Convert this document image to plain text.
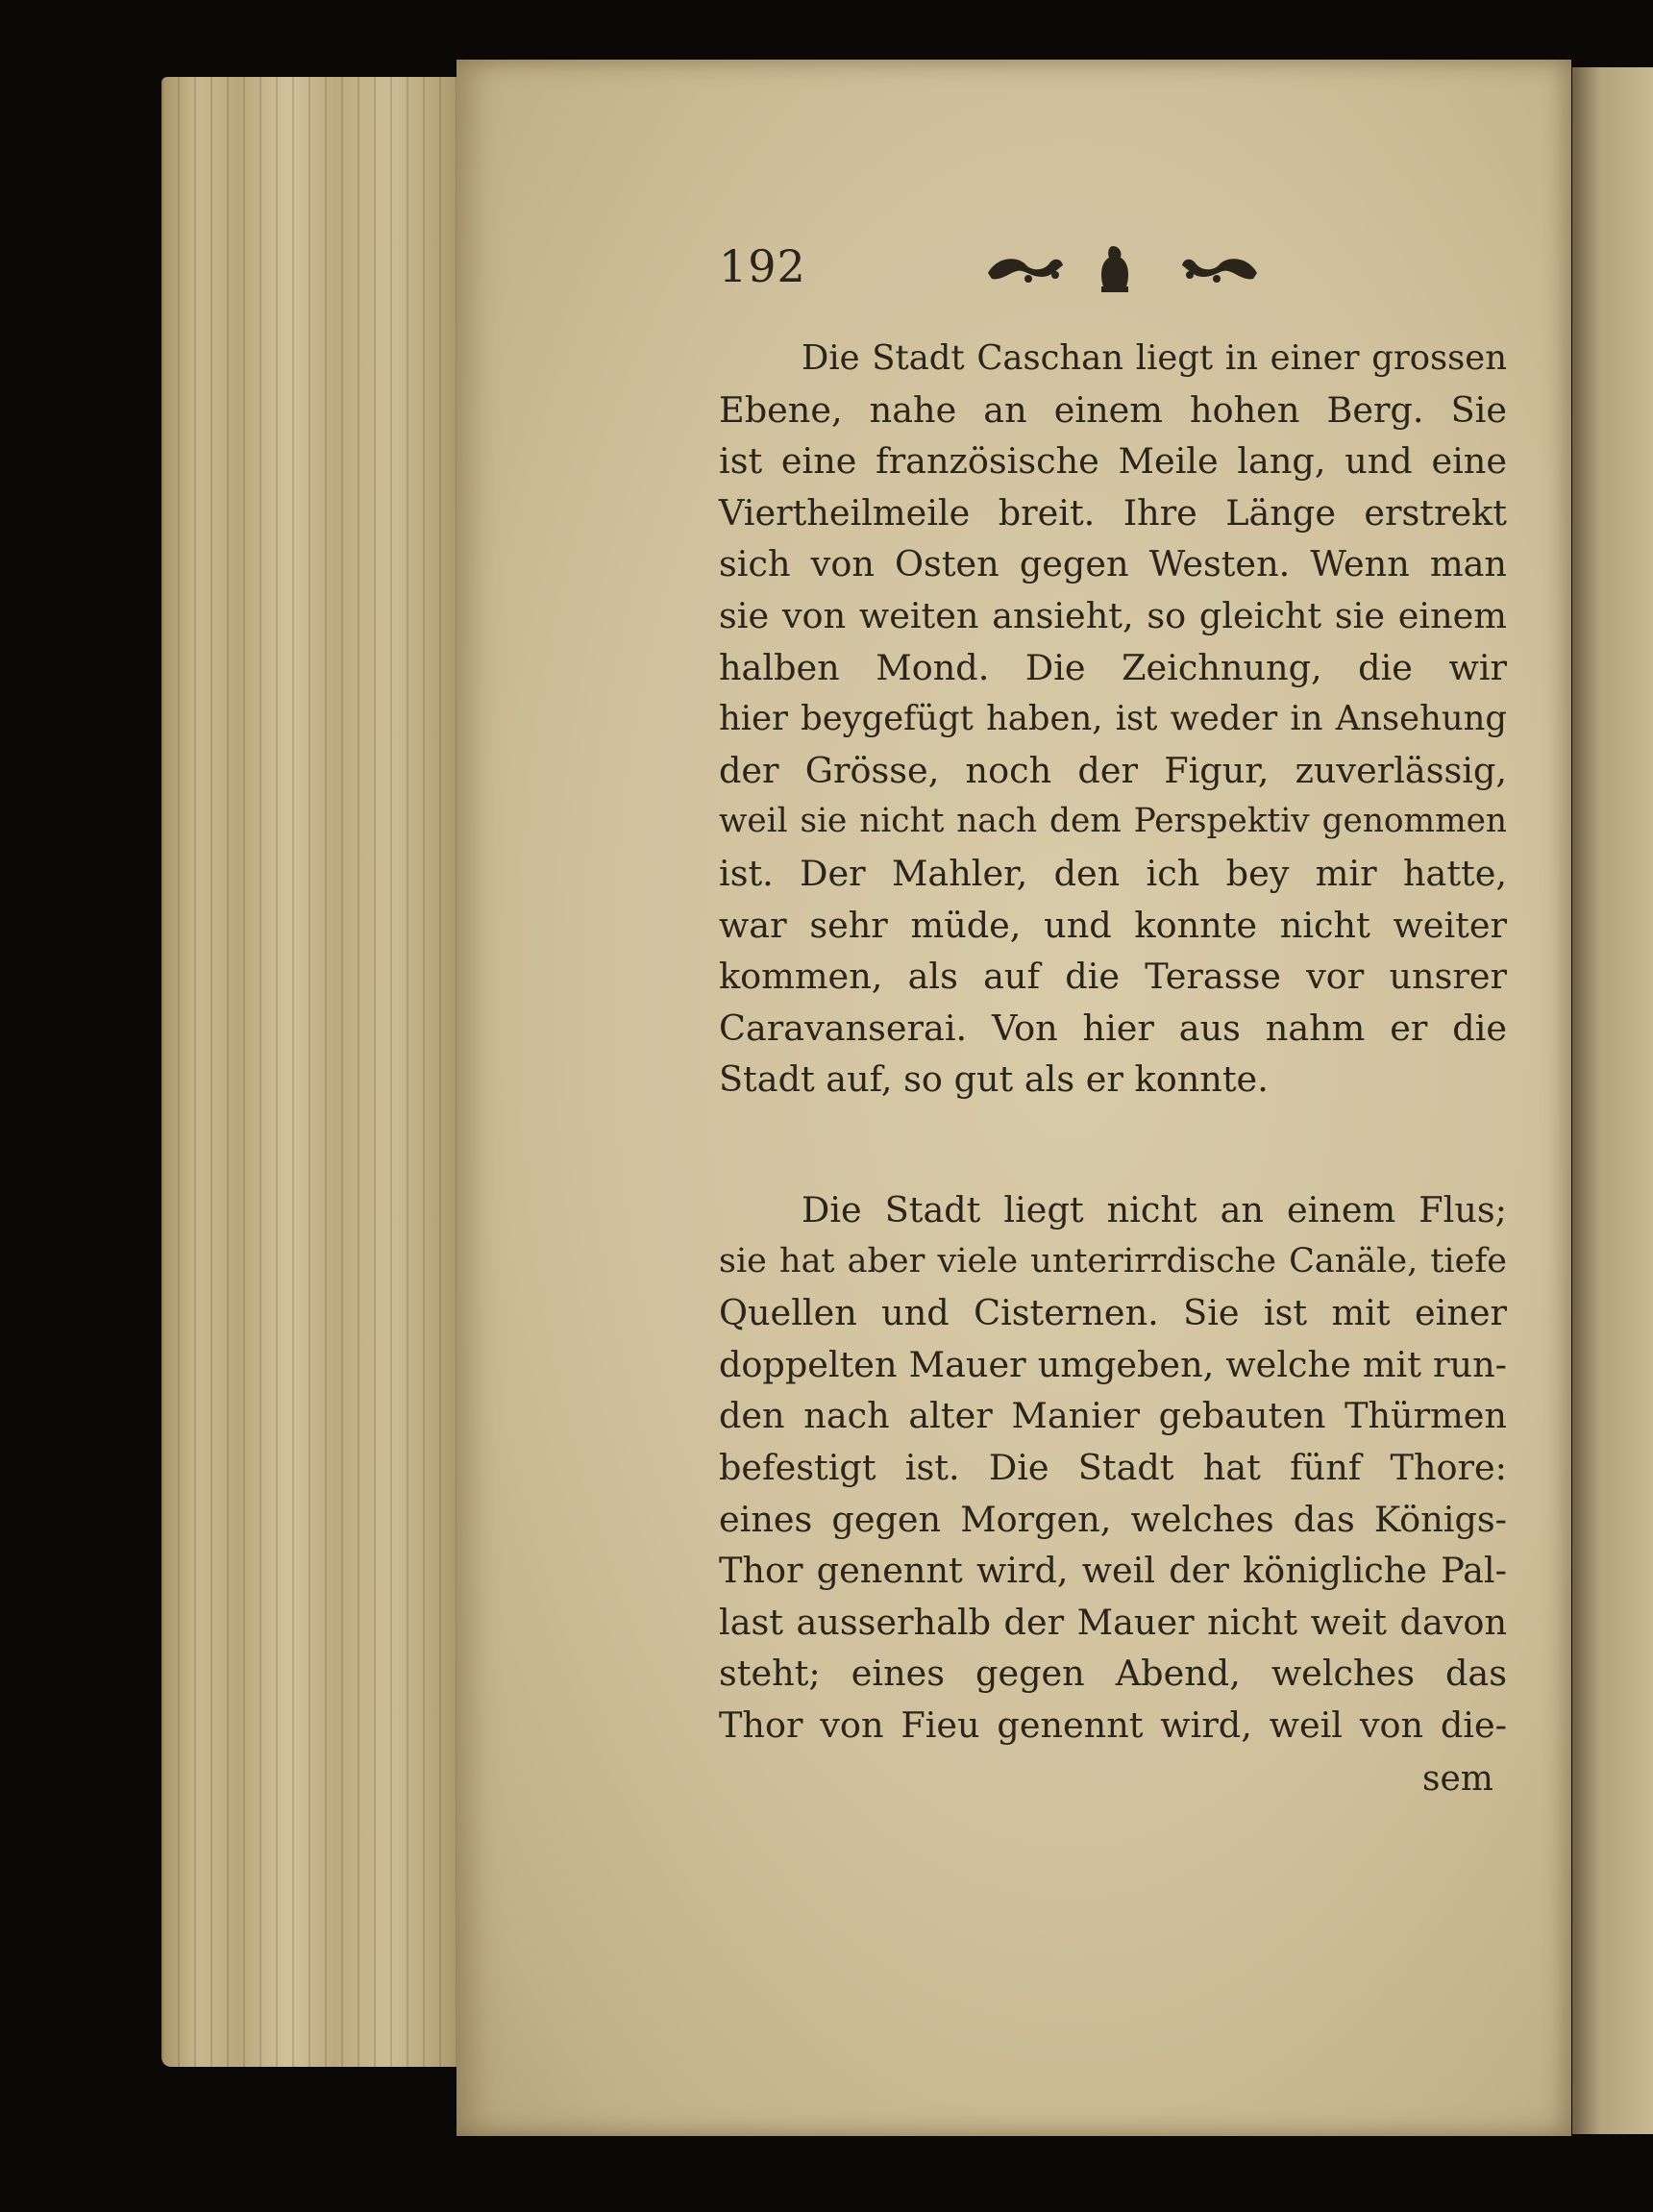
192
Die Stadt Caschan liegt in einer grossen
Ebene, nahe an einem hohen Berg. Sie
ist eine französische Meile lang, und eine
Viertheilmeile breit. Ihre Länge erstrekt
sich von Osten gegen Westen. Wenn man
sie von weiten ansieht, so gleicht sie einem
halben Mond. Die Zeichnung, die wir
hier beygefügt haben, ist weder in Ansehung
der Grösse, noch der Figur, zuverlässig,
weil sie nicht nach dem Perspektiv genommen
ist. Der Mahler, den ich bey mir hatte,
war sehr müde, und konnte nicht weiter
kommen, als auf die Terasse vor unsrer
Caravanserai. Von hier aus nahm er die
Stadt auf, so gut als er konnte.
Die Stadt liegt nicht an einem Flus;
sie hat aber viele unterirrdische Canäle, tiefe
Quellen und Cisternen. Sie ist mit einer
doppelten Mauer umgeben, welche mit run-
den nach alter Manier gebauten Thürmen
befestigt ist. Die Stadt hat fünf Thore:
eines gegen Morgen, welches das Königs-
Thor genennt wird, weil der königliche Pal-
last ausserhalb der Mauer nicht weit davon
steht; eines gegen Abend, welches das
Thor von Fieu genennt wird, weil von die-
sem
